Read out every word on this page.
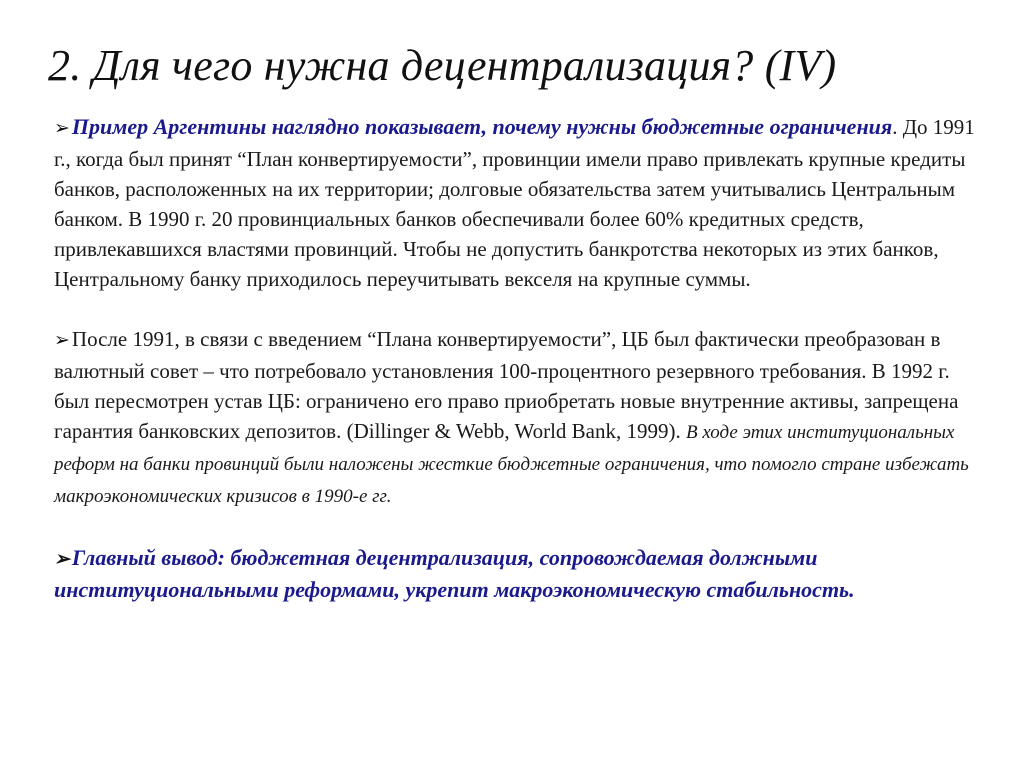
2. Для чего нужна децентрализация? (IV)

➢Пример Аргентины наглядно показывает, почему нужны бюджетные ограничения. До 1991 г., когда был принят “План конвертируемости”, провинции имели право привлекать крупные кредиты банков, расположенных на их территории; долговые обязательства затем учитывались Центральным банком. В 1990 г. 20 провинциальных банков обеспечивали более 60% кредитных средств, привлекавшихся властями провинций. Чтобы не допустить банкротства некоторых из этих банков, Центральному банку приходилось переучитывать векселя на крупные суммы.

➢После 1991, в связи с введением “Плана конвертируемости”, ЦБ был фактически преобразован в валютный совет – что потребовало установления 100-процентного резервного требования. В 1992 г. был пересмотрен устав ЦБ: ограничено его право приобретать новые внутренние активы, запрещена гарантия банковских депозитов. (Dillinger & Webb, World Bank, 1999). В ходе этих институциональных реформ на банки провинций были наложены жесткие бюджетные ограничения, что помогло стране избежать макроэкономических кризисов в 1990-е гг.

➢Главный вывод: бюджетная децентрализация, сопровождаемая должными институциональными реформами, укрепит макроэкономическую стабильность.
